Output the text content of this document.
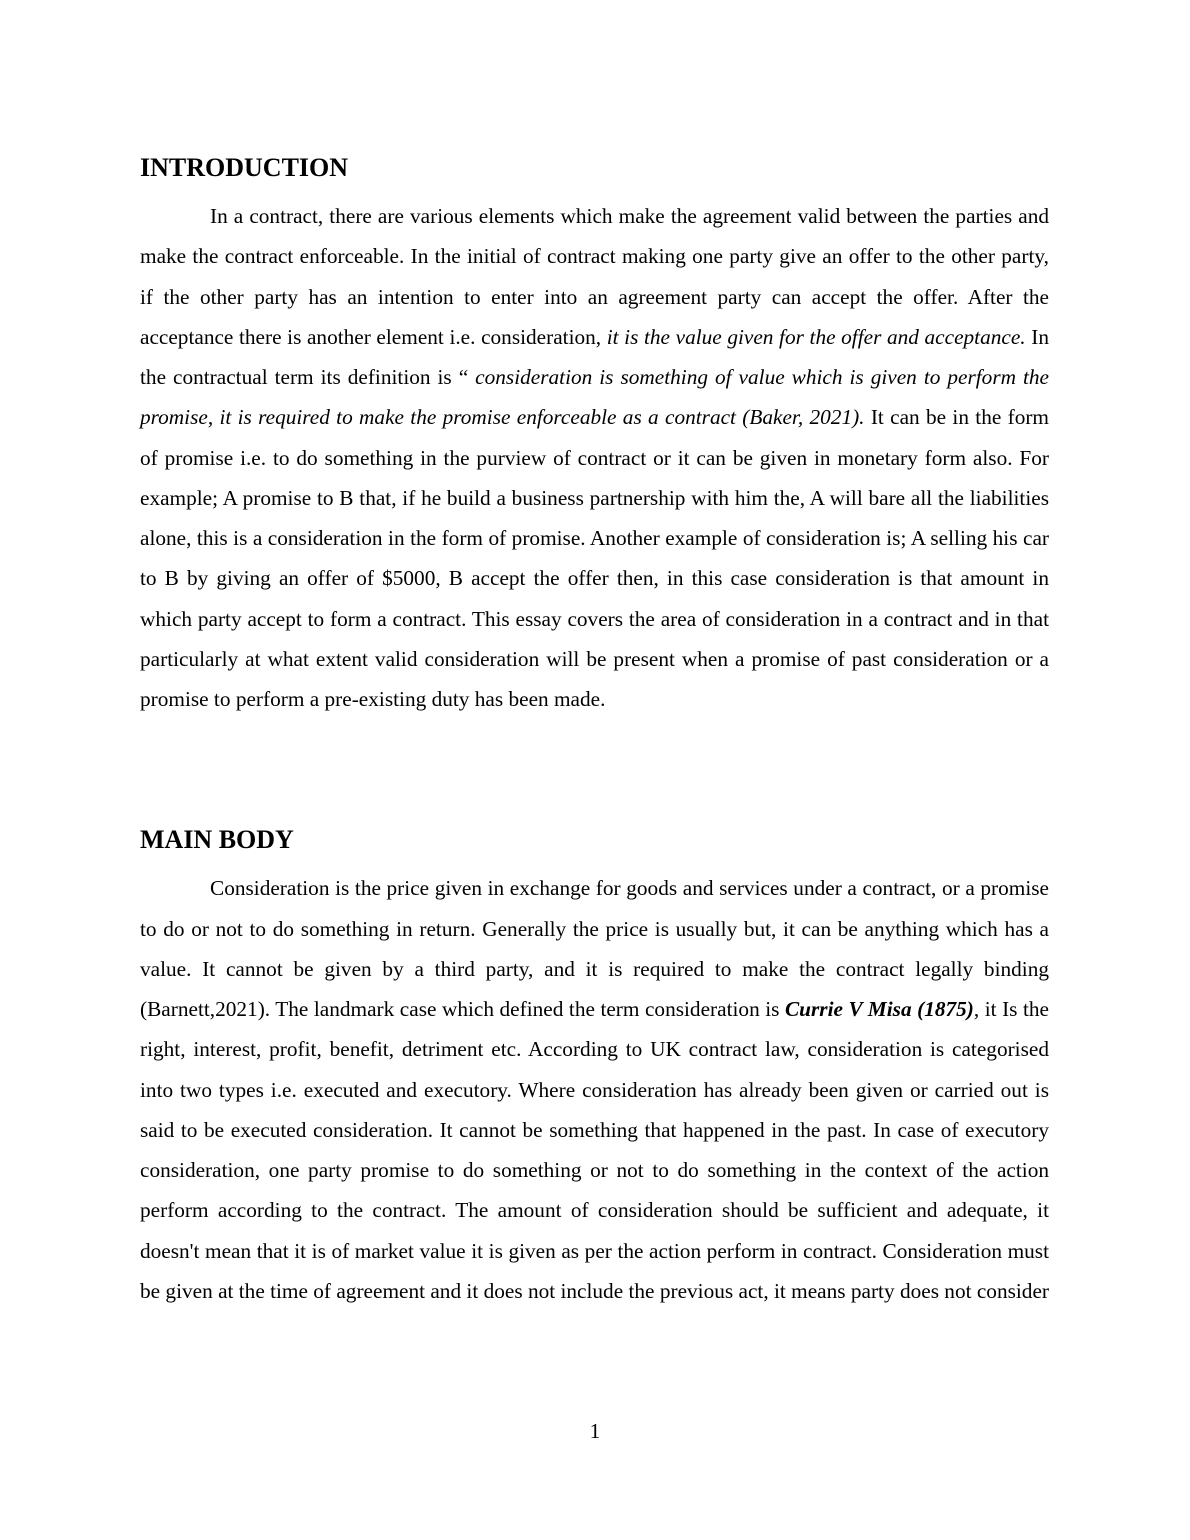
INTRODUCTION

In a contract, there are various elements which make the agreement valid between the parties and make the contract enforceable. In the initial of contract making one party give an offer to the other party, if the other party has an intention to enter into an agreement party can accept the offer. After the acceptance there is another element i.e. consideration, it is the value given for the offer and acceptance. In the contractual term its definition is “ consideration is something of value which is given to perform the promise, it is required to make the promise enforceable as a contract (Baker, 2021). It can be in the form of promise i.e. to do something in the purview of contract or it can be given in monetary form also. For example; A promise to B that, if he build a business partnership with him the, A will bare all the liabilities alone, this is a consideration in the form of promise. Another example of consideration is; A selling his car to B by giving an offer of $5000, B accept the offer then, in this case consideration is that amount in which party accept to form a contract. This essay covers the area of consideration in a contract and in that particularly at what extent valid consideration will be present when a promise of past consideration or a promise to perform a pre-existing duty has been made.

MAIN BODY

Consideration is the price given in exchange for goods and services under a contract, or a promise to do or not to do something in return. Generally the price is usually but, it can be anything which has a value. It cannot be given by a third party, and it is required to make the contract legally binding (Barnett,2021). The landmark case which defined the term consideration is Currie V Misa (1875), it Is the right, interest, profit, benefit, detriment etc. According to UK contract law, consideration is categorised into two types i.e. executed and executory. Where consideration has already been given or carried out is said to be executed consideration. It cannot be something that happened in the past. In case of executory consideration, one party promise to do something or not to do something in the context of the action perform according to the contract. The amount of consideration should be sufficient and adequate, it doesn't mean that it is of market value it is given as per the action perform in contract. Consideration must be given at the time of agreement and it does not include the previous act, it means party does not consider

1
